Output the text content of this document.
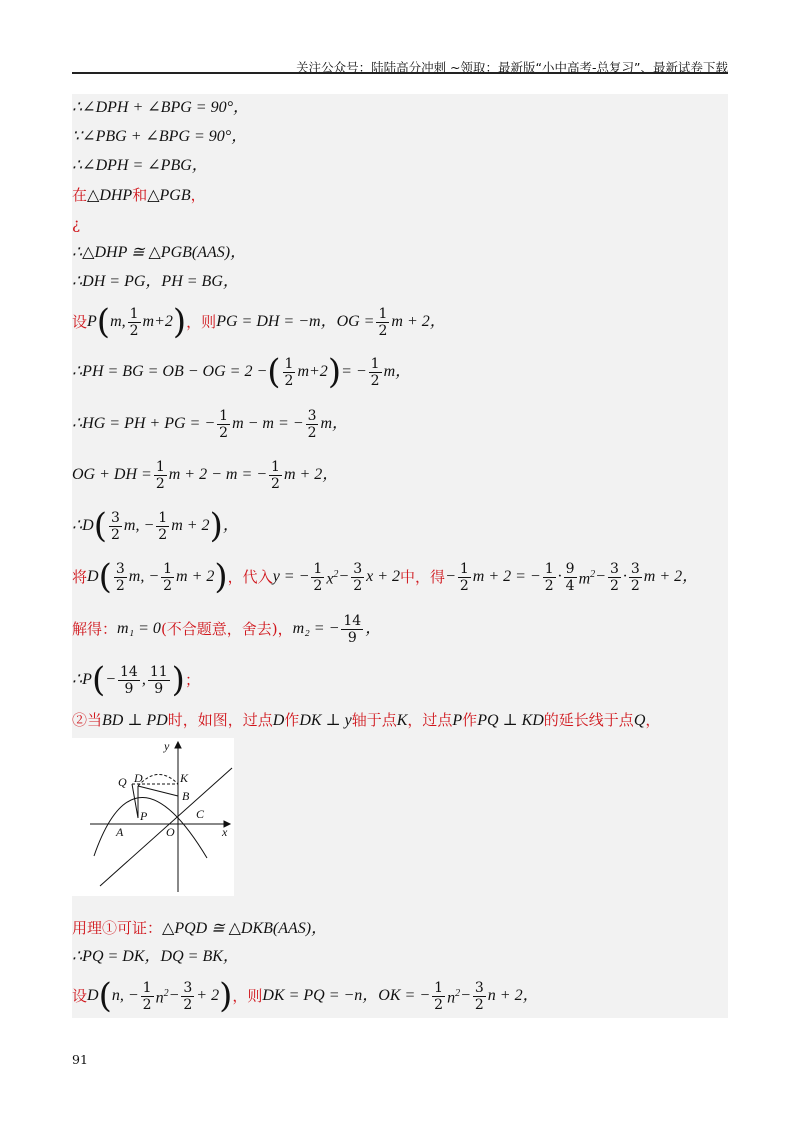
关注公众号：陆陆高分冲刺 ~领取：最新版“小中高考-总复习”、最新试卷下载
∴∠DPH + ∠BPG = 90°，
∵∠PBG + ∠BPG = 90°，
∴∠DPH = ∠PBG，
在△DHP和△PGB，
¿
∴△DHP ≅ △PGB(AAS)，
∴DH = PG，PH = BG，
设 P ( m, $\frac{1}{2} m+2$ ) ，则 PG = DH = −m，OG = $\frac{1}{2}$ m + 2，
∴PH = BG = OB − OG = 2 − ( $\frac{1}{2} m+2$ ) = − $\frac{1}{2}$ m，
∴HG = PH + PG = − $\frac{1}{2}$ m − m = − $\frac{3}{2}$ m，
OG + DH = $\frac{1}{2}$ m + 2 − m = − $\frac{1}{2}$ m + 2，
∴D ( $\frac{3}{2} m$, − $\frac{1}{2}$ m + 2 ) ，
将 D ( $\frac{3}{2} m$, − $\frac{1}{2}$ m + 2 ) ，代入 y = − $\frac{1}{2} x^2 - \frac{3}{2}$ x + 2 中，得 − $\frac{1}{2}$ m + 2 = − $\frac{1}{2} \cdot \frac{9}{4} m^2 - \frac{3}{2} \cdot \frac{3}{2}$ m + 2，
解得： m₁ = 0 (不合题意，舍去)， m₂ = − $\frac{14}{9}$ ，
∴P ( − $\frac{14}{9}$ , $\frac{11}{9}$ ) ；
②当BD ⊥ PD时，如图，过点D作DK ⊥ y轴于点K，过点P作PQ ⊥ KD的延长线于点Q，
y
x
Q D	K
B
P	C
A	O
用理①可证：△PQD ≅ △DKB(AAS)，
∴PQ = DK，DQ = BK，
设 D ( n, − $\frac{1}{2} n^2 - \frac{3}{2} + 2$ ) ，则 DK = PQ = −n，OK = − $\frac{1}{2} n^2 - \frac{3}{2}$ n + 2，
91
